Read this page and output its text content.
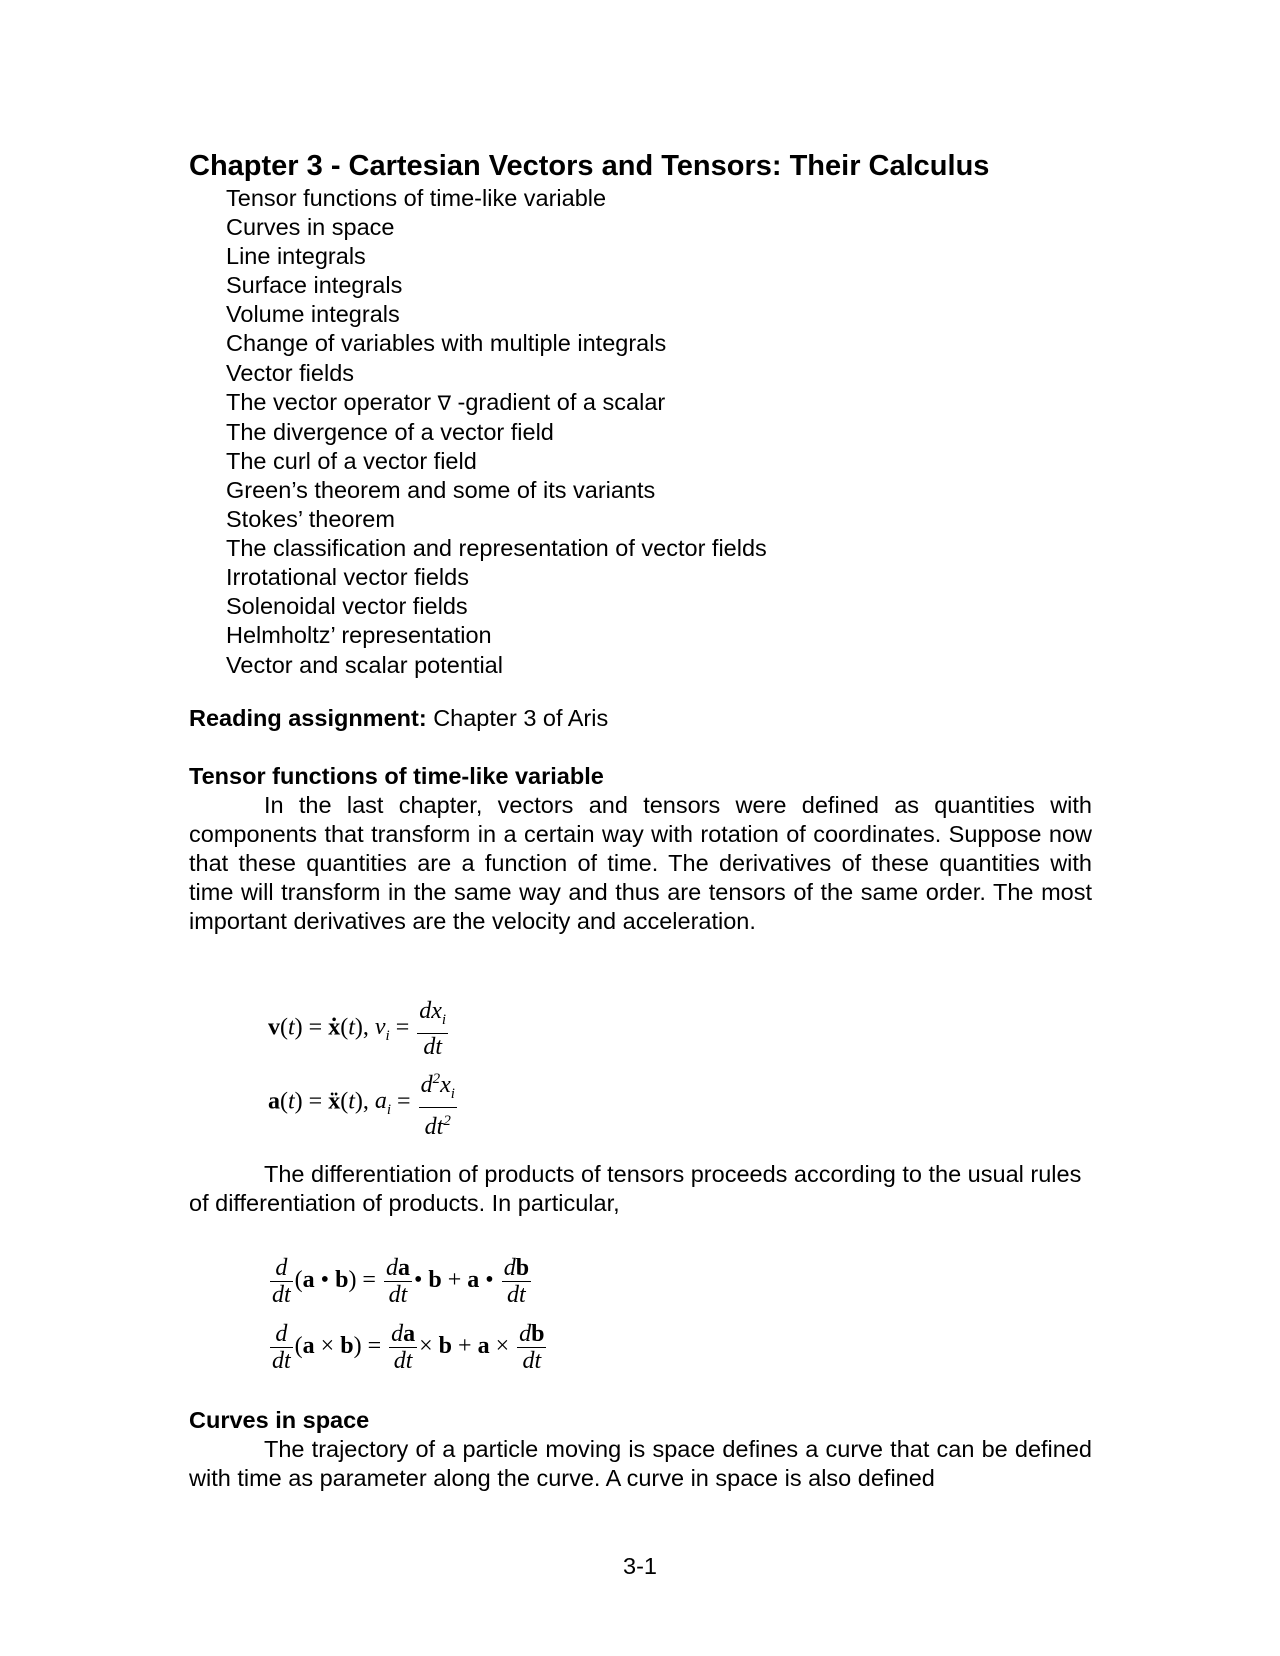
Chapter 3 - Cartesian Vectors and Tensors: Their Calculus
Tensor functions of time-like variable
Curves in space
Line integrals
Surface integrals
Volume integrals
Change of variables with multiple integrals
Vector fields
The vector operator ∇ -gradient of a scalar
The divergence of a vector field
The curl of a vector field
Green’s theorem and some of its variants
Stokes’ theorem
The classification and representation of vector fields
Irrotational vector fields
Solenoidal vector fields
Helmholtz’ representation
Vector and scalar potential
Reading assignment: Chapter 3 of Aris
Tensor functions of time-like variable

In the last chapter, vectors and tensors were defined as quantities with components that transform in a certain way with rotation of coordinates. Suppose now that these quantities are a function of time. The derivatives of these quantities with time will transform in the same way and thus are tensors of the same order. The most important derivatives are the velocity and acceleration.

v(t) = ẋ(t), $v_i = \frac{dx_i}{dt}$
a(t) = ẍ(t), $a_i = \frac{d^2x_i}{dt^2}$

The differentiation of products of tensors proceeds according to the usual rules of differentiation of products. In particular,

$\frac{d}{dt} (a$ • $b) = \frac{da}{dt}$ • b + a • $\frac{db}{dt}$
$\frac{d}{dt} (a \times b) = \frac{da}{dt} \times b + a \times \frac{db}{dt}$
Curves in space

The trajectory of a particle moving is space defines a curve that can be defined with time as parameter along the curve. A curve in space is also defined

3-1
